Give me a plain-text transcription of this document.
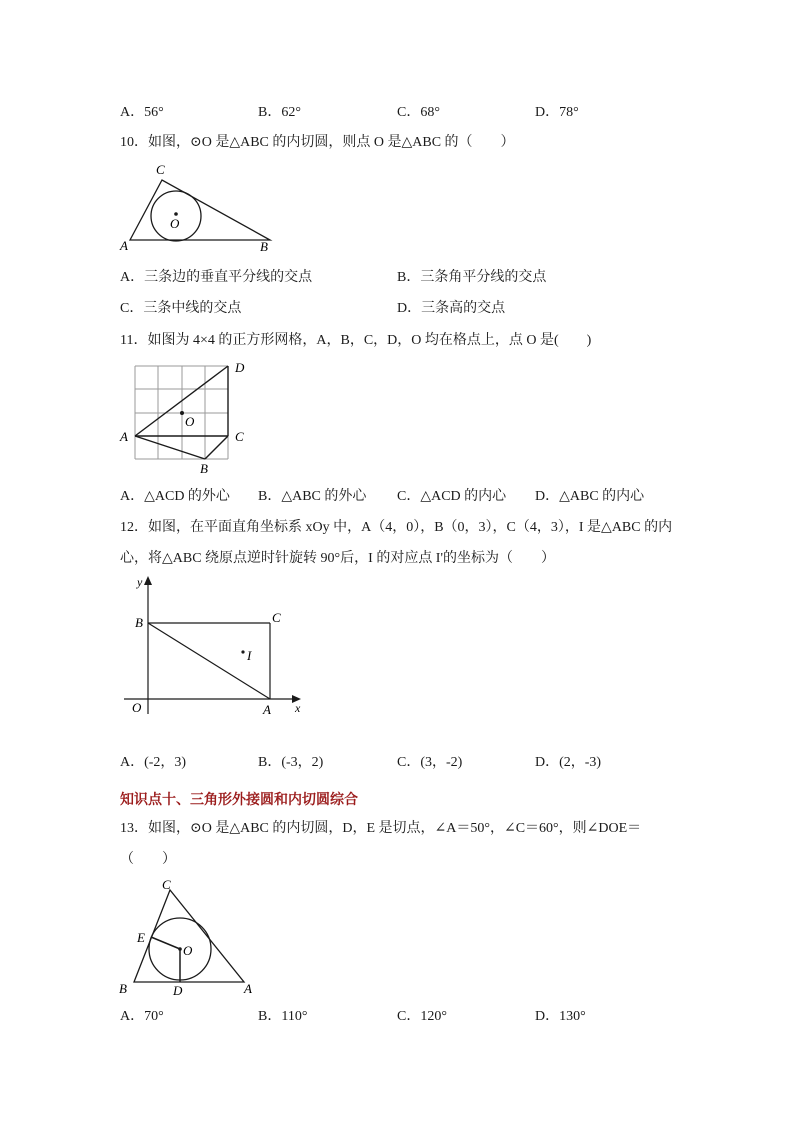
A．56°	B．62°	C．68°	D．78°
10．如图，⊙O 是△ABC 的内切圆，则点 O 是△ABC 的（　　）
C
O
A	B
A．三条边的垂直平分线的交点	B．三条角平分线的交点
C．三条中线的交点	D．三条高的交点
11．如图为 4×4 的正方形网格，A，B，C，D，O 均在格点上，点 O 是(　　)
D
O
A	C
B
A．△ACD 的外心 B．△ABC 的外心 C．△ACD 的内心 D．△ABC 的内心
12．如图，在平面直角坐标系 xOy 中，A（4，0），B（0，3），C（4，3），I 是△ABC 的内
心，将△ABC 绕原点逆时针旋转 90°后，I 的对应点 I'的坐标为（　　）
y
x
O	A
B	C
I
A．(-2，3)	B．(-3，2)	C．(3，-2)	D．(2，-3)
知识点十、三角形外接圆和内切圆综合
13．如图，⊙O 是△ABC 的内切圆，D，E 是切点，∠A＝50°，∠C＝60°，则∠DOE＝
（　　）
C
E
O
B	D	A
A．70°	B．110°	C．120°	D．130°
